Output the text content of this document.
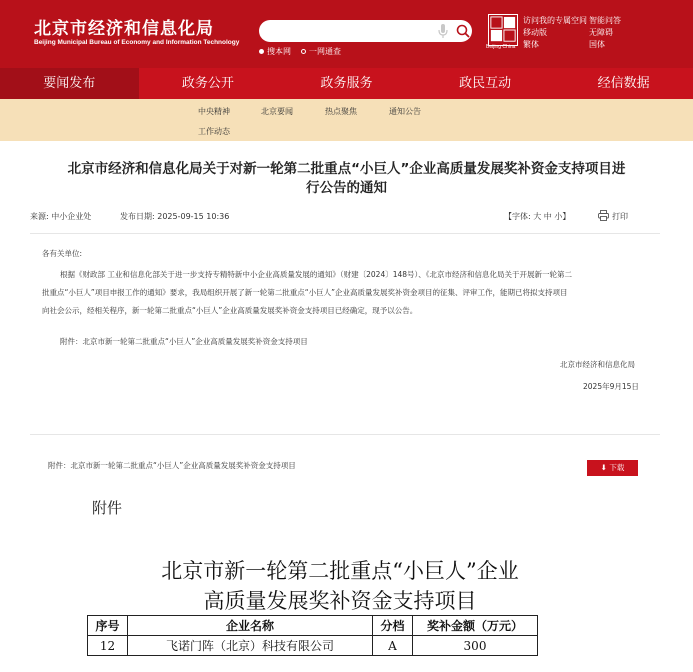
北京市经济和信息化局
Beijing Municipal Bureau of Economy and Information Technology
搜本网	一网通查	Beijing China
访问我的专属空间
移动版
繁体
智能问答
无障碍
国体
要闻发布	政务公开	政务服务	政民互动	经信数据
中央精神	北京要闻	热点聚焦	通知公告
工作动态
北京市经济和信息化局关于对新一轮第二批重点“小巨人”企业高质量发展奖补资金支持项目进
行公告的通知
来源: 中小企业处	发布日期: 2025-09-15 10:36	【字体: 大 中 小】	打印
各有关单位:
根据《财政部 工业和信息化部关于进一步支持专精特新中小企业高质量发展的通知》（财建〔2024〕148号）、《北京市经济和信息化局关于开展新一轮第二
批重点“小巨人”项目申报工作的通知》要求，我局组织开展了新一轮第二批重点“小巨人”企业高质量发展奖补资金项目的征集、评审工作，能期已将拟支持项目
向社会公示，经相关程序，新一轮第二批重点“小巨人”企业高质量发展奖补资金支持项目已经确定，现予以公告。
附件：北京市新一轮第二批重点“小巨人”企业高质量发展奖补资金支持项目
北京市经济和信息化局
2025年9月15日
附件：北京市新一轮第二批重点“小巨人”企业高质量发展奖补资金支持项目	⬇ 下载
附件
北京市新一轮第二批重点“小巨人”企业
高质量发展奖补资金支持项目
序号	企业名称	分档	奖补金额（万元）
12	飞诺门阵（北京）科技有限公司	A	300
